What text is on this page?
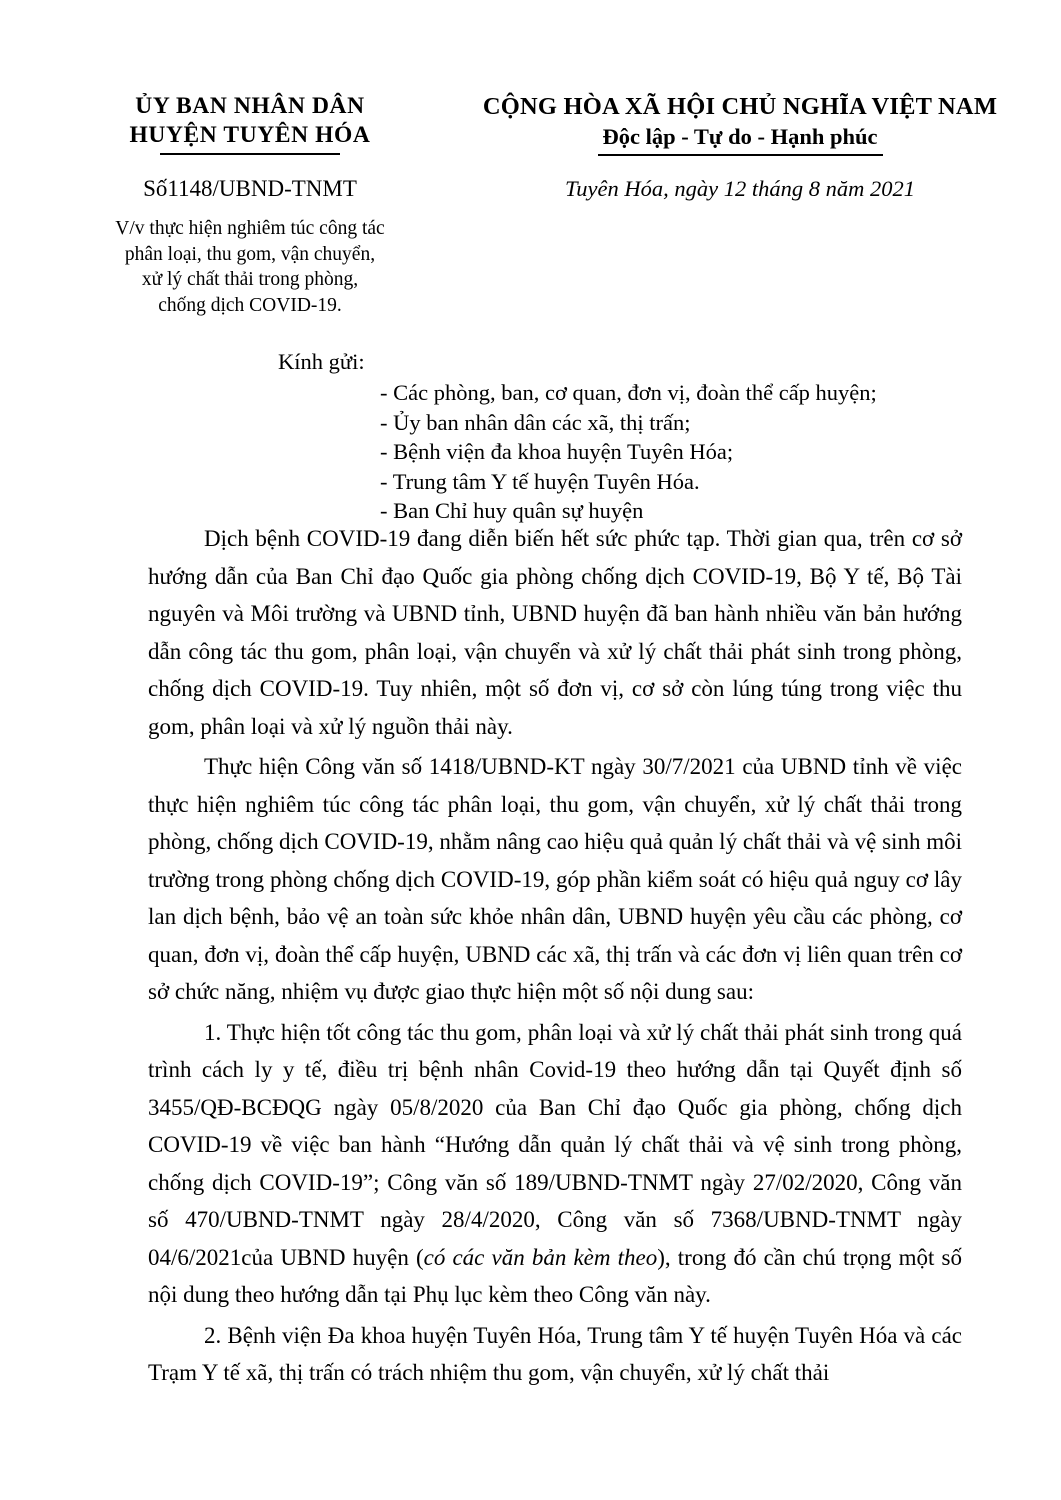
ỦY BAN NHÂN DÂN
HUYỆN TUYÊN HÓA
CỘNG HÒA XÃ HỘI CHỦ NGHĨA VIỆT NAM
Độc lập - Tự do - Hạnh phúc
Số1148/UBND-TNMT	Tuyên Hóa, ngày 12 tháng 8 năm 2021
V/v thực hiện nghiêm túc công tác
phân loại, thu gom, vận chuyển,
xử lý chất thải trong phòng,
chống dịch COVID-19.
Kính gửi:
- Các phòng, ban, cơ quan, đơn vị, đoàn thể cấp huyện;
- Ủy ban nhân dân các xã, thị trấn;
- Bệnh viện đa khoa huyện Tuyên Hóa;
- Trung tâm Y tế huyện Tuyên Hóa.
- Ban Chỉ huy quân sự huyện

Dịch bệnh COVID-19 đang diễn biến hết sức phức tạp. Thời gian qua, trên cơ sở hướng dẫn của Ban Chỉ đạo Quốc gia phòng chống dịch COVID-19, Bộ Y tế, Bộ Tài nguyên và Môi trường và UBND tỉnh, UBND huyện đã ban hành nhiều văn bản hướng dẫn công tác thu gom, phân loại, vận chuyển và xử lý chất thải phát sinh trong phòng, chống dịch COVID-19. Tuy nhiên, một số đơn vị, cơ sở còn lúng túng trong việc thu gom, phân loại và xử lý nguồn thải này.

Thực hiện Công văn số 1418/UBND-KT ngày 30/7/2021 của UBND tỉnh về việc thực hiện nghiêm túc công tác phân loại, thu gom, vận chuyển, xử lý chất thải trong phòng, chống dịch COVID-19, nhằm nâng cao hiệu quả quản lý chất thải và vệ sinh môi trường trong phòng chống dịch COVID-19, góp phần kiểm soát có hiệu quả nguy cơ lây lan dịch bệnh, bảo vệ an toàn sức khỏe nhân dân, UBND huyện yêu cầu các phòng, cơ quan, đơn vị, đoàn thể cấp huyện, UBND các xã, thị trấn và các đơn vị liên quan trên cơ sở chức năng, nhiệm vụ được giao thực hiện một số nội dung sau:

1. Thực hiện tốt công tác thu gom, phân loại và xử lý chất thải phát sinh trong quá trình cách ly y tế, điều trị bệnh nhân Covid-19 theo hướng dẫn tại Quyết định số 3455/QĐ-BCĐQG ngày 05/8/2020 của Ban Chỉ đạo Quốc gia phòng, chống dịch COVID-19 về việc ban hành “Hướng dẫn quản lý chất thải và vệ sinh trong phòng, chống dịch COVID-19”; Công văn số 189/UBND-TNMT ngày 27/02/2020, Công văn số 470/UBND-TNMT ngày 28/4/2020, Công văn số 7368/UBND-TNMT ngày 04/6/2021của UBND huyện (có các văn bản kèm theo), trong đó cần chú trọng một số nội dung theo hướng dẫn tại Phụ lục kèm theo Công văn này.

2. Bệnh viện Đa khoa huyện Tuyên Hóa, Trung tâm Y tế huyện Tuyên Hóa và các Trạm Y tế xã, thị trấn có trách nhiệm thu gom, vận chuyển, xử lý chất thải
